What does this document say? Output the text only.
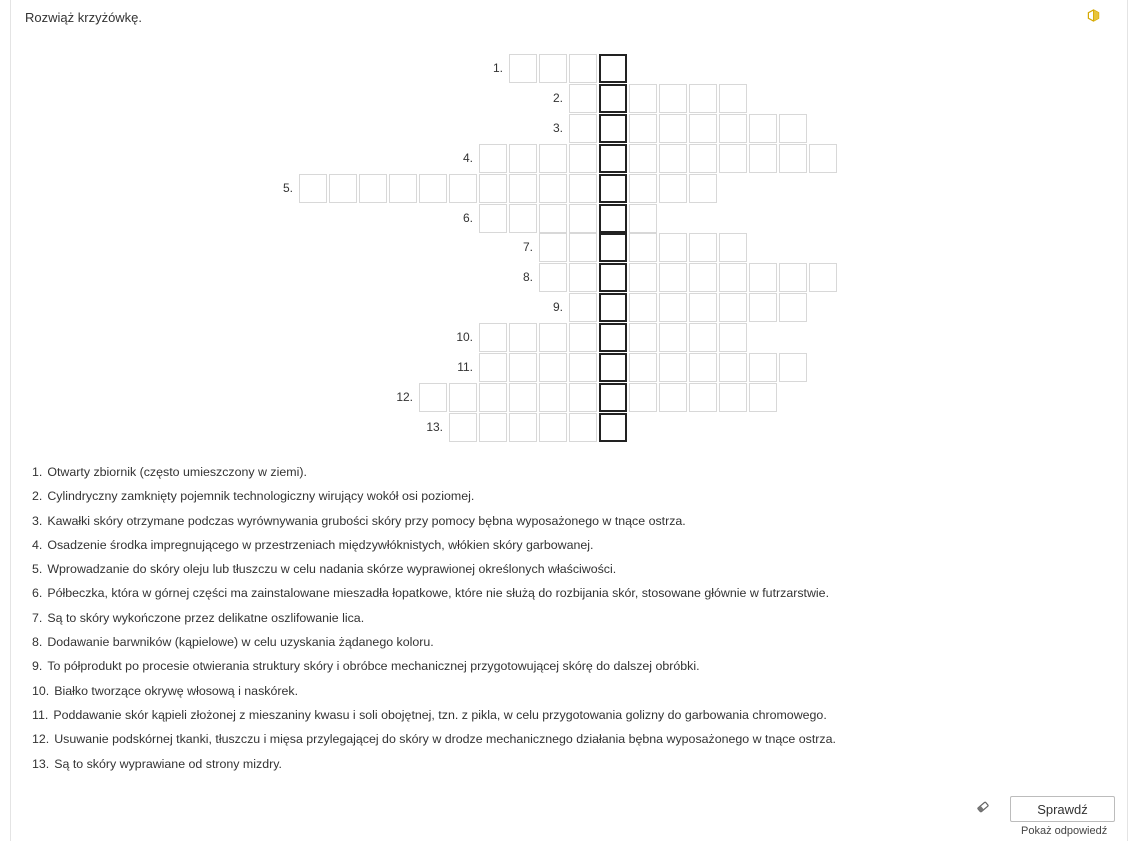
Rozwiąż krzyżówkę.
1.
2.
3.
4.
5.
6.
7.
8.
9.
10.
11.
12.
13.
1. Otwarty zbiornik (często umieszczony w ziemi).
2. Cylindryczny zamknięty pojemnik technologiczny wirujący wokół osi poziomej.
3. Kawałki skóry otrzymane podczas wyrównywania grubości skóry przy pomocy bębna wyposażonego w tnące ostrza.
4. Osadzenie środka impregnującego w przestrzeniach międzywłóknistych, włókien skóry garbowanej.
5. Wprowadzanie do skóry oleju lub tłuszczu w celu nadania skórze wyprawionej określonych właściwości.
6. Półbeczka, która w górnej części ma zainstalowane mieszadła łopatkowe, które nie służą do rozbijania skór, stosowane głównie w futrzarstwie.
7. Są to skóry wykończone przez delikatne oszlifowanie lica.
8. Dodawanie barwników (kąpielowe) w celu uzyskania żądanego koloru.
9. To półprodukt po procesie otwierania struktury skóry i obróbce mechanicznej przygotowującej skórę do dalszej obróbki.
10. Białko tworzące okrywę włosową i naskórek.
11. Poddawanie skór kąpieli złożonej z mieszaniny kwasu i soli obojętnej, tzn. z pikla, w celu przygotowania golizny do garbowania chromowego.
12. Usuwanie podskórnej tkanki, tłuszczu i mięsa przylegającej do skóry w drodze mechanicznego działania bębna wyposażonego w tnące ostrza.
13. Są to skóry wyprawiane od strony mizdry.
Sprawdź
Pokaż odpowiedź
